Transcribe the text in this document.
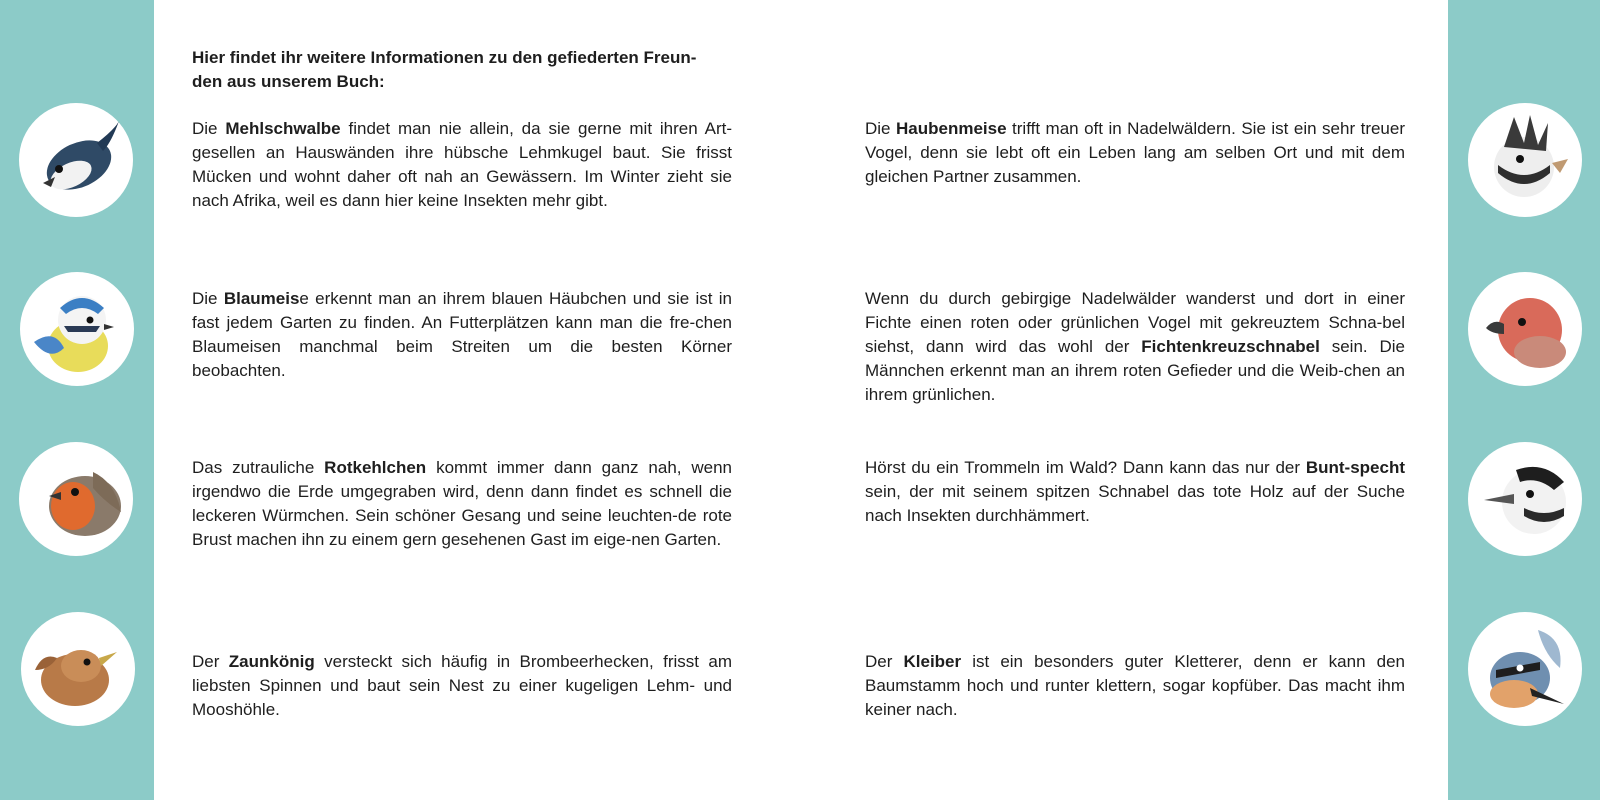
Hier findet ihr weitere Informationen zu den gefiederten Freun-
den aus unserem Buch:

Die Mehlschwalbe findet man nie allein, da sie gerne mit ihren Art-gesellen an Hauswänden ihre hübsche Lehmkugel baut. Sie frisst Mücken und wohnt daher oft nah an Gewässern. Im Winter zieht sie nach Afrika, weil es dann hier keine Insekten mehr gibt.

Die Blaumeise erkennt man an ihrem blauen Häubchen und sie ist in fast jedem Garten zu finden. An Futterplätzen kann man die fre-chen Blaumeisen manchmal beim Streiten um die besten Körner beobachten.

Das zutrauliche Rotkehlchen kommt immer dann ganz nah, wenn irgendwo die Erde umgegraben wird, denn dann findet es schnell die leckeren Würmchen. Sein schöner Gesang und seine leuchten-de rote Brust machen ihn zu einem gern gesehenen Gast im eige-nen Garten.

Der Zaunkönig versteckt sich häufig in Brombeerhecken, frisst am liebsten Spinnen und baut sein Nest zu einer kugeligen Lehm- und Mooshöhle.

Die Haubenmeise trifft man oft in Nadelwäldern. Sie ist ein sehr treuer Vogel, denn sie lebt oft ein Leben lang am selben Ort und mit dem gleichen Partner zusammen.

Wenn du durch gebirgige Nadelwälder wanderst und dort in einer Fichte einen roten oder grünlichen Vogel mit gekreuztem Schna-bel siehst, dann wird das wohl der Fichtenkreuzschnabel sein. Die Männchen erkennt man an ihrem roten Gefieder und die Weib-chen an ihrem grünlichen.

Hörst du ein Trommeln im Wald? Dann kann das nur der Bunt-specht sein, der mit seinem spitzen Schnabel das tote Holz auf der Suche nach Insekten durchhämmert.

Der Kleiber ist ein besonders guter Kletterer, denn er kann den Baumstamm hoch und runter klettern, sogar kopfüber. Das macht ihm keiner nach.
